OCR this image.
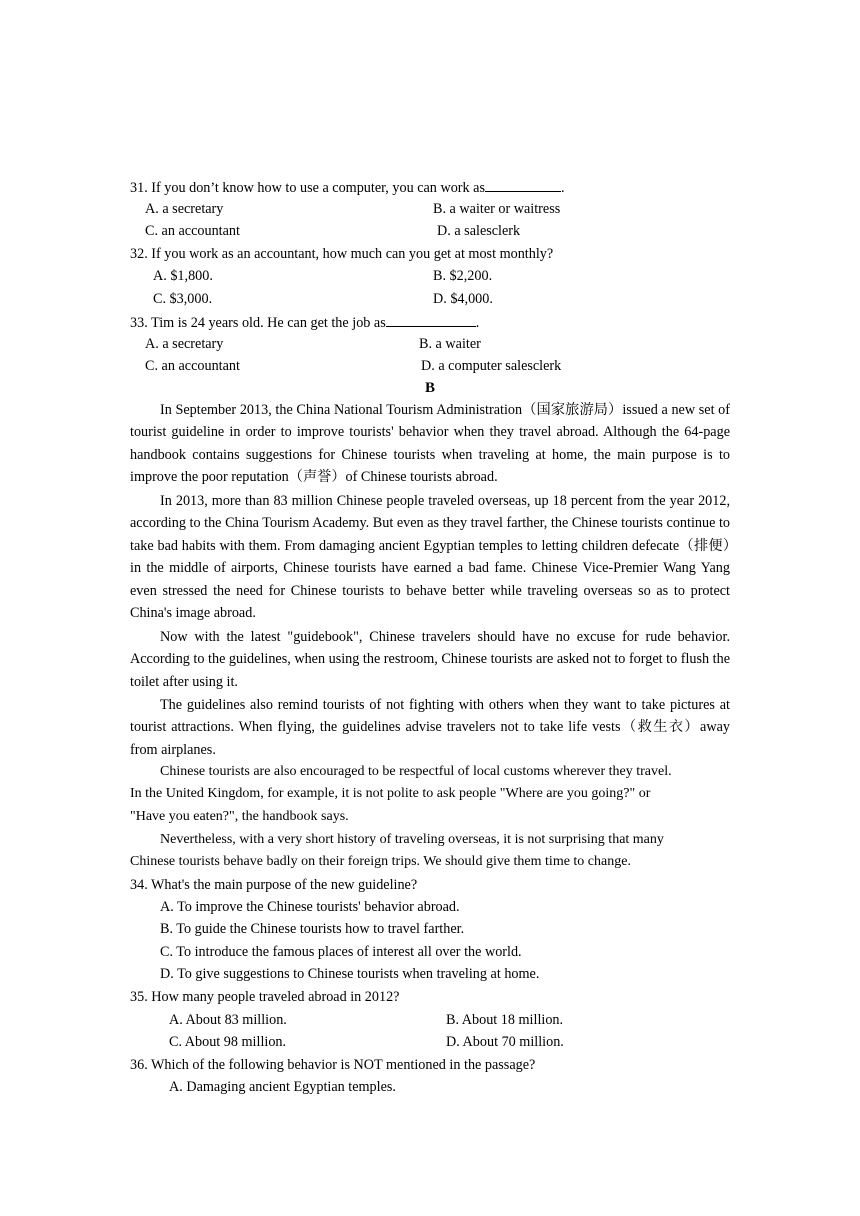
31. If you don’t know how to use a computer, you can work as	.
A. a secretary	B. a waiter or waitress
C. an accountant	D. a salesclerk
32. If you work as an accountant, how much can you get at most monthly?
A. $1,800.	B. $2,200.
C. $3,000.	D. $4,000.
33. Tim is 24 years old. He can get the job as	.
A. a secretary	B. a waiter
C. an accountant	D. a computer salesclerk
B
In September 2013, the China National Tourism Administration（国家旅游局）issued a new set of tourist guideline in order to improve tourists' behavior when they travel abroad. Although the 64-page handbook contains suggestions for Chinese tourists when traveling at home, the main purpose is to improve the poor reputation（声誉）of Chinese tourists abroad.
In 2013, more than 83 million Chinese people traveled overseas, up 18 percent from the year 2012, according to the China Tourism Academy. But even as they travel farther, the Chinese tourists continue to take bad habits with them. From damaging ancient Egyptian temples to letting children defecate（排便）in the middle of airports, Chinese tourists have earned a bad fame. Chinese Vice-Premier Wang Yang even stressed the need for Chinese tourists to behave better while traveling overseas so as to protect China's image abroad.
Now with the latest "guidebook", Chinese travelers should have no excuse for rude behavior. According to the guidelines, when using the restroom, Chinese tourists are asked not to forget to flush the toilet after using it.
The guidelines also remind tourists of not fighting with others when they want to take pictures at tourist attractions. When flying, the guidelines advise travelers not to take life vests（救生衣）away from airplanes.
Chinese tourists are also encouraged to be respectful of local customs wherever they travel.
In the United Kingdom, for example, it is not polite to ask people "Where are you going?" or
"Have you eaten?", the handbook says.
Nevertheless, with a very short history of traveling overseas, it is not surprising that many
Chinese tourists behave badly on their foreign trips. We should give them time to change.
34. What's the main purpose of the new guideline?
A. To improve the Chinese tourists' behavior abroad.
B. To guide the Chinese tourists how to travel farther.
C. To introduce the famous places of interest all over the world.
D. To give suggestions to Chinese tourists when traveling at home.
35. How many people traveled abroad in 2012?
A. About 83 million.	B. About 18 million.
C. About 98 million.	D. About 70 million.
36. Which of the following behavior is NOT mentioned in the passage?
A. Damaging ancient Egyptian temples.
